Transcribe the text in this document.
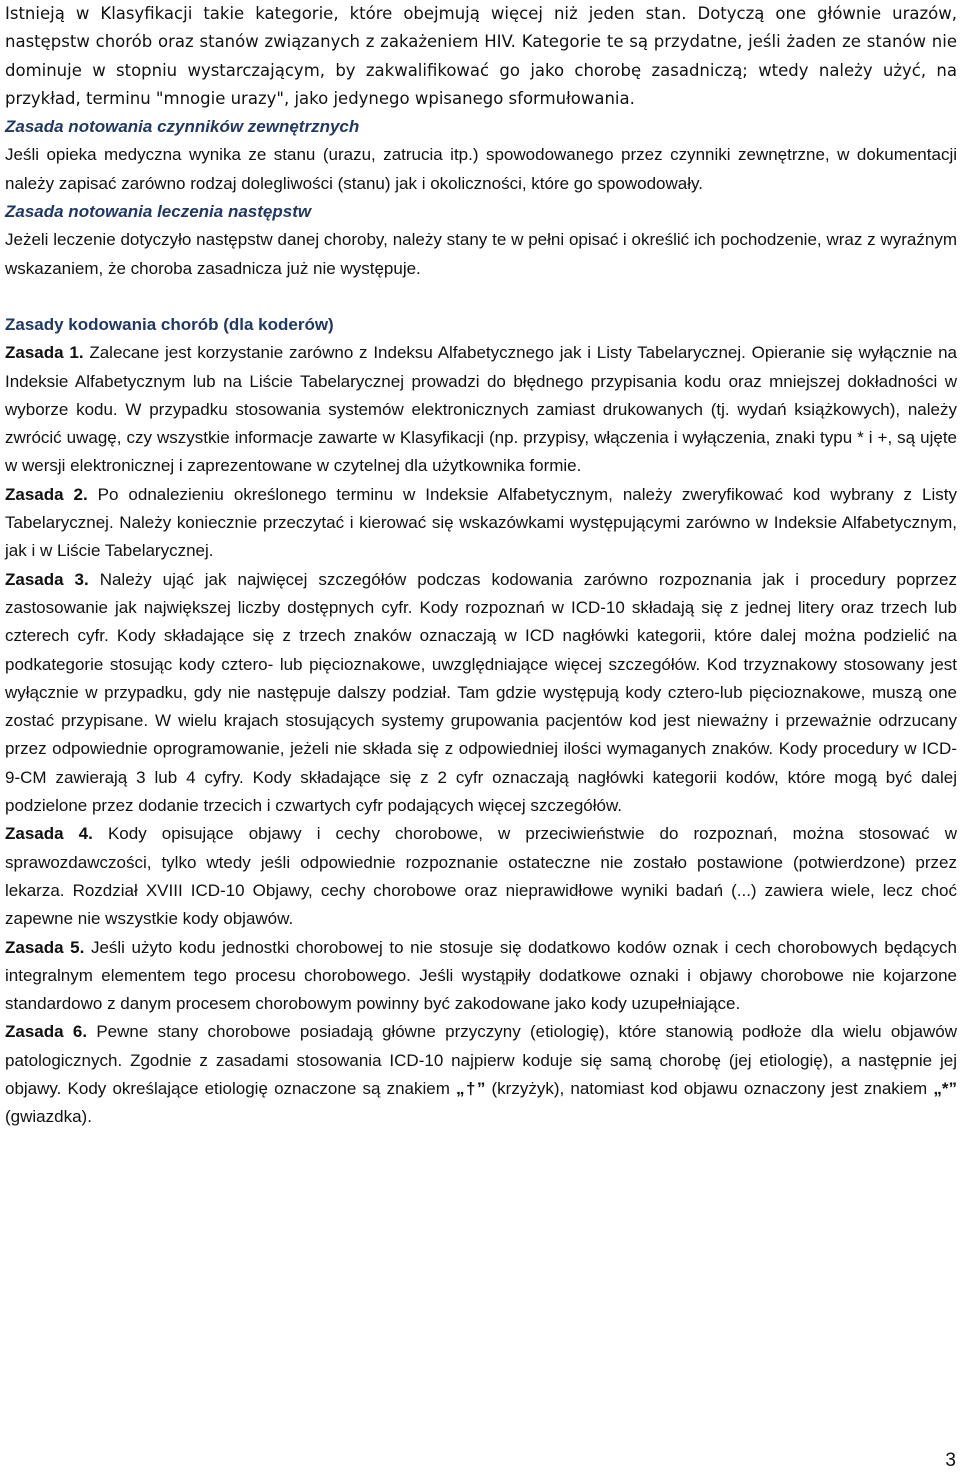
Istnieją w Klasyfikacji takie kategorie, które obejmują więcej niż jeden stan. Dotyczą one głównie urazów, następstw chorób oraz stanów związanych z zakażeniem HIV. Kategorie te są przydatne, jeśli żaden ze stanów nie dominuje w stopniu wystarczającym, by zakwalifikować go jako chorobę zasadniczą; wtedy należy użyć, na przykład, terminu "mnogie urazy", jako jedynego wpisanego sformułowania.

Zasada notowania czynników zewnętrznych

Jeśli opieka medyczna wynika ze stanu (urazu, zatrucia itp.) spowodowanego przez czynniki zewnętrzne, w dokumentacji należy zapisać zarówno rodzaj dolegliwości (stanu) jak i okoliczności, które go spowodowały.

Zasada notowania leczenia następstw

Jeżeli leczenie dotyczyło następstw danej choroby, należy stany te w pełni opisać i określić ich pochodzenie, wraz z wyraźnym wskazaniem, że choroba zasadnicza już nie występuje.

Zasady kodowania chorób (dla koderów)

Zasada 1. Zalecane jest korzystanie zarówno z Indeksu Alfabetycznego jak i Listy Tabelarycznej. Opieranie się wyłącznie na Indeksie Alfabetycznym lub na Liście Tabelarycznej prowadzi do błędnego przypisania kodu oraz mniejszej dokładności w wyborze kodu. W przypadku stosowania systemów elektronicznych zamiast drukowanych (tj. wydań książkowych), należy zwrócić uwagę, czy wszystkie informacje zawarte w Klasyfikacji (np. przypisy, włączenia i wyłączenia, znaki typu * i +, są ujęte w wersji elektronicznej i zaprezentowane w czytelnej dla użytkownika formie.

Zasada 2. Po odnalezieniu określonego terminu w Indeksie Alfabetycznym, należy zweryfikować kod wybrany z Listy Tabelarycznej. Należy koniecznie przeczytać i kierować się wskazówkami występującymi zarówno w Indeksie Alfabetycznym, jak i w Liście Tabelarycznej.

Zasada 3. Należy ująć jak najwięcej szczegółów podczas kodowania zarówno rozpoznania jak i procedury poprzez zastosowanie jak największej liczby dostępnych cyfr. Kody rozpoznań w ICD-10 składają się z jednej litery oraz trzech lub czterech cyfr. Kody składające się z trzech znaków oznaczają w ICD nagłówki kategorii, które dalej można podzielić na podkategorie stosując kody cztero- lub pięcioznakowe, uwzględniające więcej szczegółów. Kod trzyznakowy stosowany jest wyłącznie w przypadku, gdy nie następuje dalszy podział. Tam gdzie występują kody cztero-lub pięcioznakowe, muszą one zostać przypisane. W wielu krajach stosujących systemy grupowania pacjentów kod jest nieważny i przeważnie odrzucany przez odpowiednie oprogramowanie, jeżeli nie składa się z odpowiedniej ilości wymaganych znaków. Kody procedury w ICD-9-CM zawierają 3 lub 4 cyfry. Kody składające się z 2 cyfr oznaczają nagłówki kategorii kodów, które mogą być dalej podzielone przez dodanie trzecich i czwartych cyfr podających więcej szczegółów.

Zasada 4. Kody opisujące objawy i cechy chorobowe, w przeciwieństwie do rozpoznań, można stosować w sprawozdawczości, tylko wtedy jeśli odpowiednie rozpoznanie ostateczne nie zostało postawione (potwierdzone) przez lekarza. Rozdział XVIII ICD-10 Objawy, cechy chorobowe oraz nieprawidłowe wyniki badań (...) zawiera wiele, lecz choć zapewne nie wszystkie kody objawów.

Zasada 5. Jeśli użyto kodu jednostki chorobowej to nie stosuje się dodatkowo kodów oznak i cech chorobowych będących integralnym elementem tego procesu chorobowego. Jeśli wystąpiły dodatkowe oznaki i objawy chorobowe nie kojarzone standardowo z danym procesem chorobowym powinny być zakodowane jako kody uzupełniające.

Zasada 6. Pewne stany chorobowe posiadają główne przyczyny (etiologię), które stanowią podłoże dla wielu objawów patologicznych. Zgodnie z zasadami stosowania ICD-10 najpierw koduje się samą chorobę (jej etiologię), a następnie jej objawy. Kody określające etiologię oznaczone są znakiem „†” (krzyżyk), natomiast kod objawu oznaczony jest znakiem „*” (gwiazdka).

3
